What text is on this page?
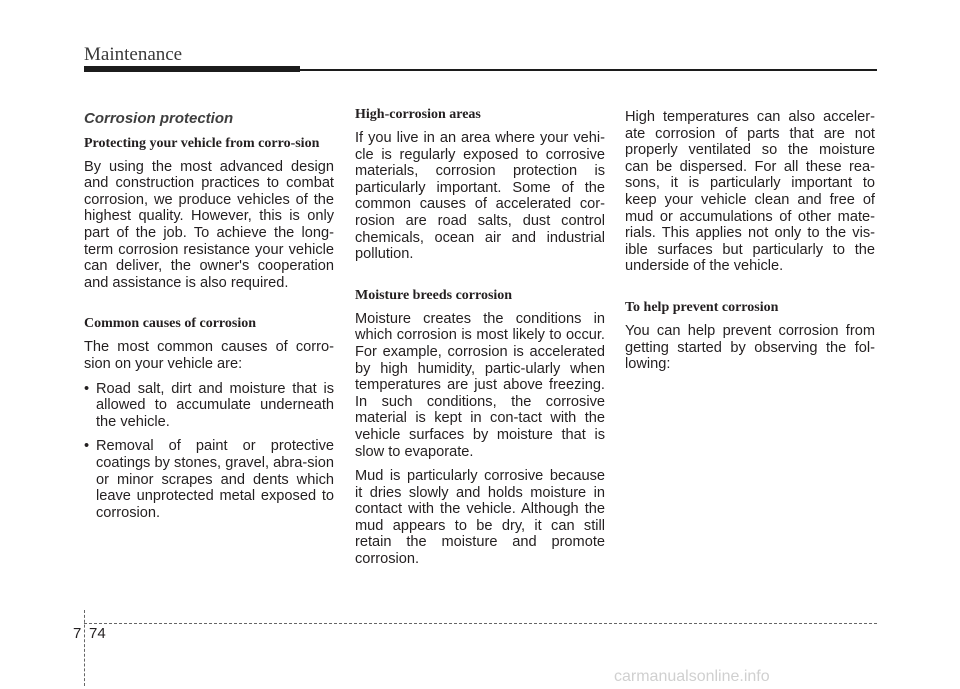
Maintenance
Corrosion protection
Protecting your vehicle from corro-sion

By using the most advanced design and construction practices to combat corrosion, we produce vehicles of the highest quality. However, this is only part of the job. To achieve the long-term corrosion resistance your vehicle can deliver, the owner's cooperation and assistance is also required.

Common causes of corrosion

The most common causes of corro-sion on your vehicle are:

• Road salt, dirt and moisture that is allowed to accumulate underneath the vehicle.
• Removal of paint or protective coatings by stones, gravel, abra-sion or minor scrapes and dents which leave unprotected metal exposed to corrosion.
High-corrosion areas

If you live in an area where your vehi-cle is regularly exposed to corrosive materials, corrosion protection is particularly important. Some of the common causes of accelerated cor-rosion are road salts, dust control chemicals, ocean air and industrial pollution.

Moisture breeds corrosion

Moisture creates the conditions in which corrosion is most likely to occur. For example, corrosion is accelerated by high humidity, partic-ularly when temperatures are just above freezing. In such conditions, the corrosive material is kept in con-tact with the vehicle surfaces by moisture that is slow to evaporate.

Mud is particularly corrosive because it dries slowly and holds moisture in contact with the vehicle. Although the mud appears to be dry, it can still retain the moisture and promote corrosion.

High temperatures can also acceler-ate corrosion of parts that are not properly ventilated so the moisture can be dispersed. For all these rea-sons, it is particularly important to keep your vehicle clean and free of mud or accumulations of other mate-rials. This applies not only to the vis-ible surfaces but particularly to the underside of the vehicle.

To help prevent corrosion

You can help prevent corrosion from getting started by observing the fol-lowing:

7 74
carmanualsonline.info
